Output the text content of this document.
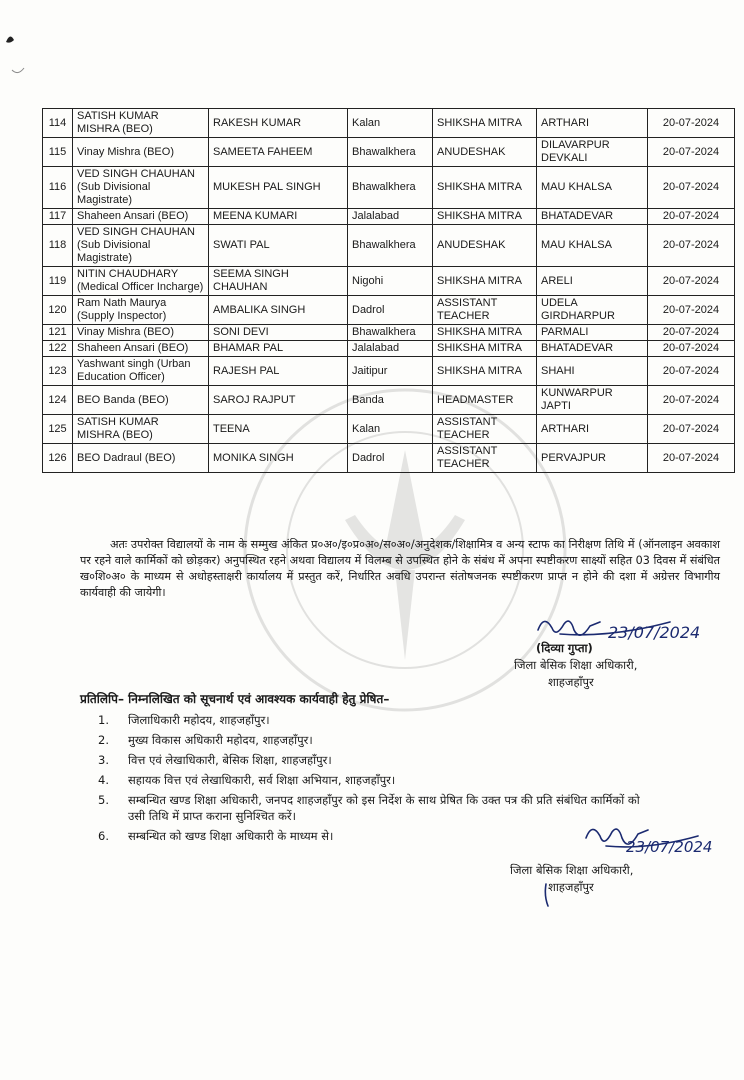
114	SATISH KUMAR MISHRA (BEO)	RAKESH KUMAR	Kalan	SHIKSHA MITRA	ARTHARI	20-07-2024
115	Vinay Mishra (BEO)	SAMEETA FAHEEM	Bhawalkhera	ANUDESHAK	DILAVARPUR DEVKALI	20-07-2024
116	VED SINGH CHAUHAN (Sub Divisional Magistrate)	MUKESH PAL SINGH	Bhawalkhera	SHIKSHA MITRA	MAU KHALSA	20-07-2024
117	Shaheen Ansari (BEO)	MEENA KUMARI	Jalalabad	SHIKSHA MITRA	BHATADEVAR	20-07-2024
118	VED SINGH CHAUHAN (Sub Divisional Magistrate)	SWATI PAL	Bhawalkhera	ANUDESHAK	MAU KHALSA	20-07-2024
119	NITIN CHAUDHARY (Medical Officer Incharge)	SEEMA SINGH CHAUHAN	Nigohi	SHIKSHA MITRA	ARELI	20-07-2024
120	Ram Nath Maurya (Supply Inspector)	AMBALIKA SINGH	Dadrol	ASSISTANT TEACHER	UDELA GIRDHARPUR	20-07-2024
121	Vinay Mishra (BEO)	SONI DEVI	Bhawalkhera	SHIKSHA MITRA	PARMALI	20-07-2024
122	Shaheen Ansari (BEO)	BHAMAR PAL	Jalalabad	SHIKSHA MITRA	BHATADEVAR	20-07-2024
123	Yashwant singh (Urban Education Officer)	RAJESH PAL	Jaitipur	SHIKSHA MITRA	SHAHI	20-07-2024
124	BEO Banda (BEO)	SAROJ RAJPUT	Banda	HEADMASTER	KUNWARPUR JAPTI	20-07-2024
125	SATISH KUMAR MISHRA (BEO)	TEENA	Kalan	ASSISTANT TEACHER	ARTHARI	20-07-2024
126	BEO Dadraul (BEO)	MONIKA SINGH	Dadrol	ASSISTANT TEACHER	PERVAJPUR	20-07-2024
अतः उपरोक्त विद्यालयों के नाम के सम्मुख अंकित प्र०अ०/इ०प्र०अ०/स०अ०/अनुदेशक/शिक्षामित्र व अन्य स्टाफ का निरीक्षण तिथि में (ऑनलाइन अवकाश पर रहने वाले कार्मिकों को छोड़कर) अनुपस्थित रहने अथवा विद्यालय में विलम्ब से उपस्थित होने के संबंध में अपना स्पष्टीकरण साक्ष्यों सहित 03 दिवस में संबंधित ख०शि०अ० के माध्यम से अधोहस्ताक्षरी कार्यालय में प्रस्तुत करें, निर्धारित अवधि उपरान्त संतोषजनक स्पष्टीकरण प्राप्त न होने की दशा में अग्रेत्तर विभागीय कार्यवाही की जायेगी।
23/07/2024
(दिव्या गुप्ता)
जिला बेसिक शिक्षा अधिकारी,
शाहजहाँपुर
प्रतिलिपि– निम्नलिखित को सूचनार्थ एवं आवश्यक कार्यवाही हेतु प्रेषित–
1.	जिलाधिकारी महोदय, शाहजहाँपुर।
2.	मुख्य विकास अधिकारी महोदय, शाहजहाँपुर।
3.	वित्त एवं लेखाधिकारी, बेसिक शिक्षा, शाहजहाँपुर।
4.	सहायक वित्त एवं लेखाधिकारी, सर्व शिक्षा अभियान, शाहजहाँपुर।
5.	सम्बन्धित खण्ड शिक्षा अधिकारी, जनपद शाहजहाँपुर को इस निर्देश के साथ प्रेषित कि उक्त पत्र की प्रति संबंधित कार्मिकों को उसी तिथि में प्राप्त कराना सुनिश्चित करें।
6.	सम्बन्धित को खण्ड शिक्षा अधिकारी के माध्यम से।
23/07/2024
जिला बेसिक शिक्षा अधिकारी,
शाहजहाँपुर
